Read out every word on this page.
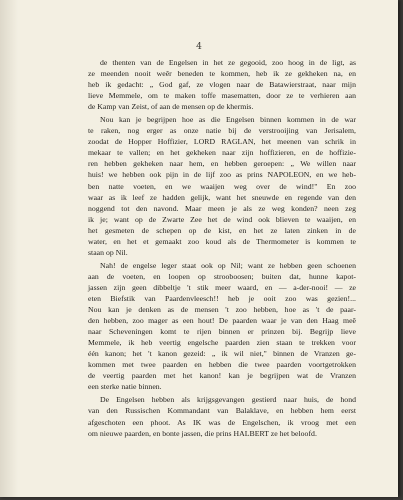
4

de thenten van de Engelsen in het ze gegooid, zoo hoog in de ligt, as
ze meenden nooit weêr beneden te kommen, heb ik ze gekheken na, en
heb ik gedacht: „ God gaf, ze vlogen naar de Batawierstraat, naar mijn
lieve Memmele, om te maken toffe masematten, door ze te verhieren aan
de Kamp van Zeist, of aan de mensen op de khermis.

Nou kan je begrijpen hoe as die Engelsen binnen kommen in de war
te raken, nog erger as onze natie bij de verstrooijing van Jerisalem,
zoodat de Hopper Hoffizier, LORD RAGLAN, het meenen van schrik in
mekaar te vallen; en het gekheken naar zijn hoffizieren, en de hoffizie-
ren hebben gekheken naar hem, en hebben geroepen: „ We willen naar
huis! we hebben ook pijn in de lijf zoo as prins NAPOLEON, en we heb-
ben natte voeten, en we waaijen weg over de wind!" En zoo
waar as ik leef ze hadden gelijk, want het sneuwde en regende van den
noggend tot den navond. Maar meen je als ze weg konden? neen zeg
ik je; want op de Zwarte Zee het de wind ook blieven te waaijen, en
het gesmeten de schepen op de kist, en het ze laten zinken in de
water, en het et gemaakt zoo koud als de Thermometer is kommen te
staan op Nil.

Nah! de engelse leger staat ook op Nil; want ze hebben geen schoenen
aan de voeten, en loopen op strooboosen; buiten dat, hunne kapot-
jassen zijn geen dibbeltje 't stik meer waard, en — a-der-nooi! — ze
eten Biefstik van Paardenvleesch!! heb je ooit zoo was gezien!...
Nou kan je denken as de mensen 't zoo hebben, hoe as 't de paar-
den hebben, zoo mager as een hout! De paarden waar je van den Haag meê
naar Scheveningen komt te rijen binnen er prinzen bij. Begrijp lieve
Memmele, ik heb veertig engelsche paarden zien staan te trekken voor
één kanon; het 't kanon gezeid: „ ik wil niet," binnen de Vranzen ge-
kommen met twee paarden en hebben die twee paarden voortgetrokken
de veertig paarden met het kanon! kan je begrijpen wat de Vranzen
een sterke natie binnen.

De Engelsen hebben als krijgsgevangen gestierd naar huis, de hond
van den Russischen Kommandant van Balaklave, en hebben hem eerst
afgeschoten een phoot. As IK was de Engelschen, ik vroog met een
om nieuwe paarden, en bonte jassen, die prins HALBERT ze het beloofd.
